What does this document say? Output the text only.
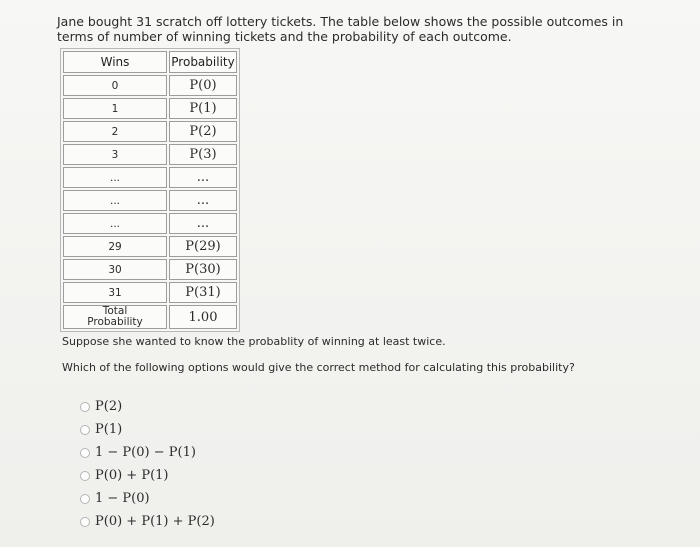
Jane bought 31 scratch off lottery tickets. The table below shows the possible outcomes in terms of number of winning tickets and the probability of each outcome.
Wins	Probability
0	P(0)
1	P(1)
2	P(2)
3	P(3)
...	...
...	...
...	...
29	P(29)
30	P(30)
31	P(31)

Total
Probability	1.00
Suppose she wanted to know the probablity of winning at least twice.
Which of the following options would give the correct method for calculating this probability?
P(2)
P(1)
1 − P(0) − P(1)
P(0) + P(1)
1 − P(0)
P(0) + P(1) + P(2)
